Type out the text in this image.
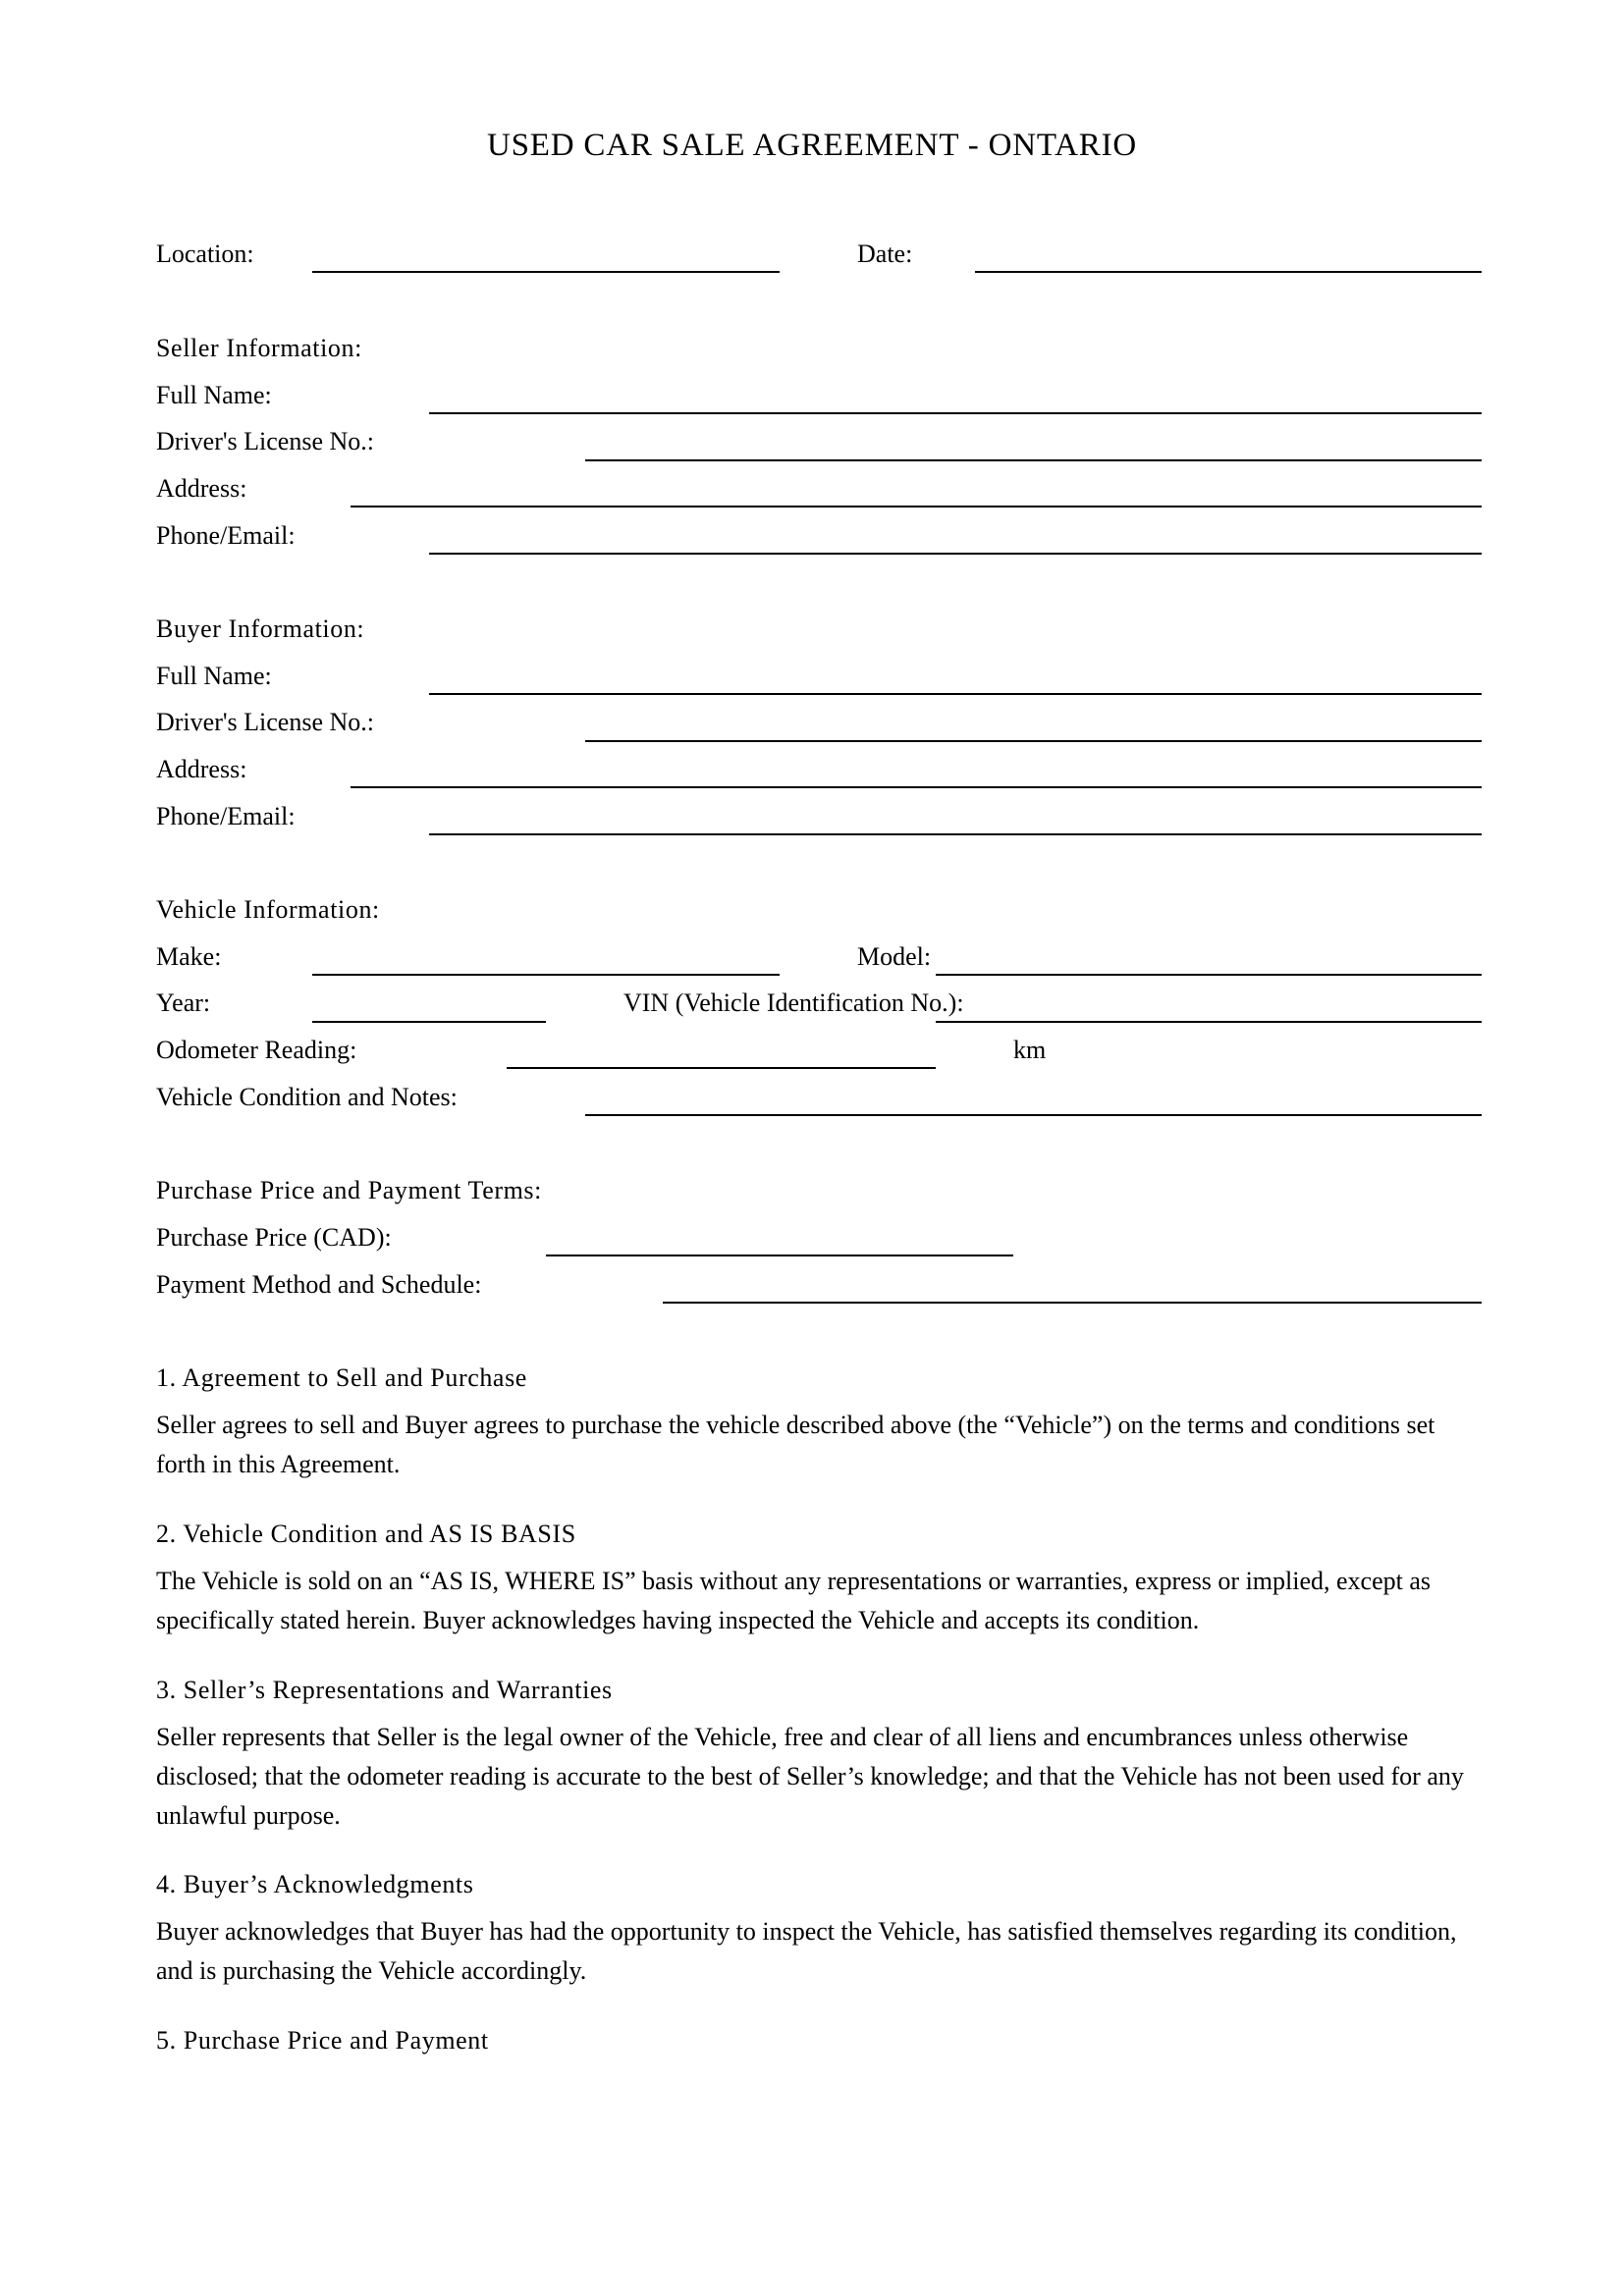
USED CAR SALE AGREEMENT - ONTARIO
Location:	Date:
Seller Information:
Full Name:
Driver's License No.:
Address:
Phone/Email:
Buyer Information:
Full Name:
Driver's License No.:
Address:
Phone/Email:
Vehicle Information:
Make:	Model:
Year:	VIN (Vehicle Identification No.):
Odometer Reading:	km
Vehicle Condition and Notes:
Purchase Price and Payment Terms:
Purchase Price (CAD):
Payment Method and Schedule:
1. Agreement to Sell and Purchase
Seller agrees to sell and Buyer agrees to purchase the vehicle described above (the “Vehicle”) on the terms and conditions set forth in this Agreement.
2. Vehicle Condition and AS IS BASIS
The Vehicle is sold on an “AS IS, WHERE IS” basis without any representations or warranties, express or implied, except as specifically stated herein. Buyer acknowledges having inspected the Vehicle and accepts its condition.
3. Seller’s Representations and Warranties
Seller represents that Seller is the legal owner of the Vehicle, free and clear of all liens and encumbrances unless otherwise disclosed; that the odometer reading is accurate to the best of Seller’s knowledge; and that the Vehicle has not been used for any unlawful purpose.
4. Buyer’s Acknowledgments
Buyer acknowledges that Buyer has had the opportunity to inspect the Vehicle, has satisfied themselves regarding its condition, and is purchasing the Vehicle accordingly.
5. Purchase Price and Payment
